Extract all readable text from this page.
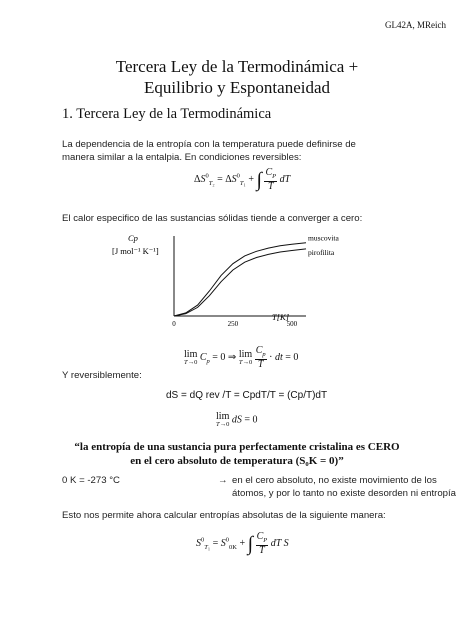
GL42A, MReich
Tercera Ley de la Termodinámica +
Equilibrio y Espontaneidad
1. Tercera Ley de la Termodinámica
La dependencia de la entropía con la temperatura puede definirse de
manera similar a la entalpia. En condiciones reversibles:
$\Delta S^0_{T_2} = \Delta S^0_{T_1}$ + ∫ $\frac{C_P}{T}$ dT
El calor especifico de las sustancias sólidas tiende a converger a cero:
Cp
[J mol⁻¹ K⁻¹]
muscovita
pirofilita
0	250	500
T[K]
lim
T→0 $C_p = 0$ ⇒ lim
T→0
$\frac{C_p}{T}$ · dt = 0
Y reversiblemente:
dS = dQ rev /T = CpdT/T = (Cp/T)dT
lim
T→0 dS = 0
“la entropía de una sustancia pura perfectamente cristalina es CERO
en el cero absoluto de temperatura (S₀K = 0)”
0 K = -273 °C	→ en el cero absoluto, no existe movimiento de los
átomos, y por lo tanto no existe desorden ni entropía
Esto nos permite ahora calcular entropías absolutas de la siguiente manera:
$S^0_{T_1} = S^0_{0K}$ + ∫ $\frac{C_P}{T}$ dT S
